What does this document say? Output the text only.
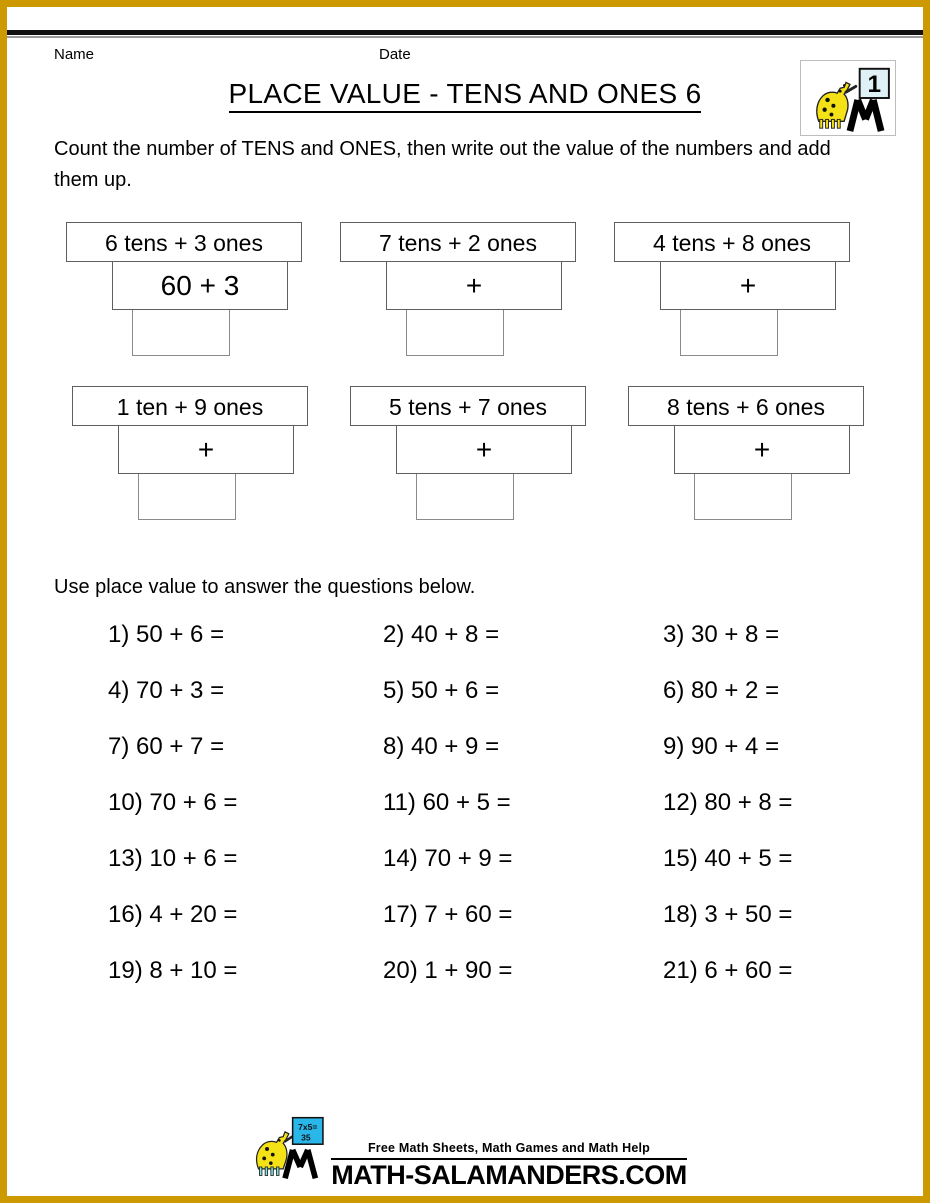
Name	Date
1
PLACE VALUE - TENS AND ONES 6
Count the number of TENS and ONES, then write out the value of the numbers and add them up.
6 tens + 3 ones
60 + 3
7 tens + 2 ones
+
4 tens + 8 ones
+
1 ten + 9 ones
+
5 tens + 7 ones
+
8 tens + 6 ones
+
Use place value to answer the questions below.
1) 50 + 6 =	2) 40 + 8 =	3) 30 + 8 =
4) 70 + 3 =	5) 50 + 6 =	6) 80 + 2 =
7) 60 + 7 =	8) 40 + 9 =	9) 90 + 4 =
10) 70 + 6 =	11) 60 + 5 =	12) 80 + 8 =
13) 10 + 6 =	14) 70 + 9 =	15) 40 + 5 =
16) 4 + 20 =	17) 7 + 60 =	18) 3 + 50 =
19) 8 + 10 =	20) 1 + 90 =	21) 6 + 60 =
7x5=
35
Free Math Sheets, Math Games and Math Help
MATH-SALAMANDERS.COM
